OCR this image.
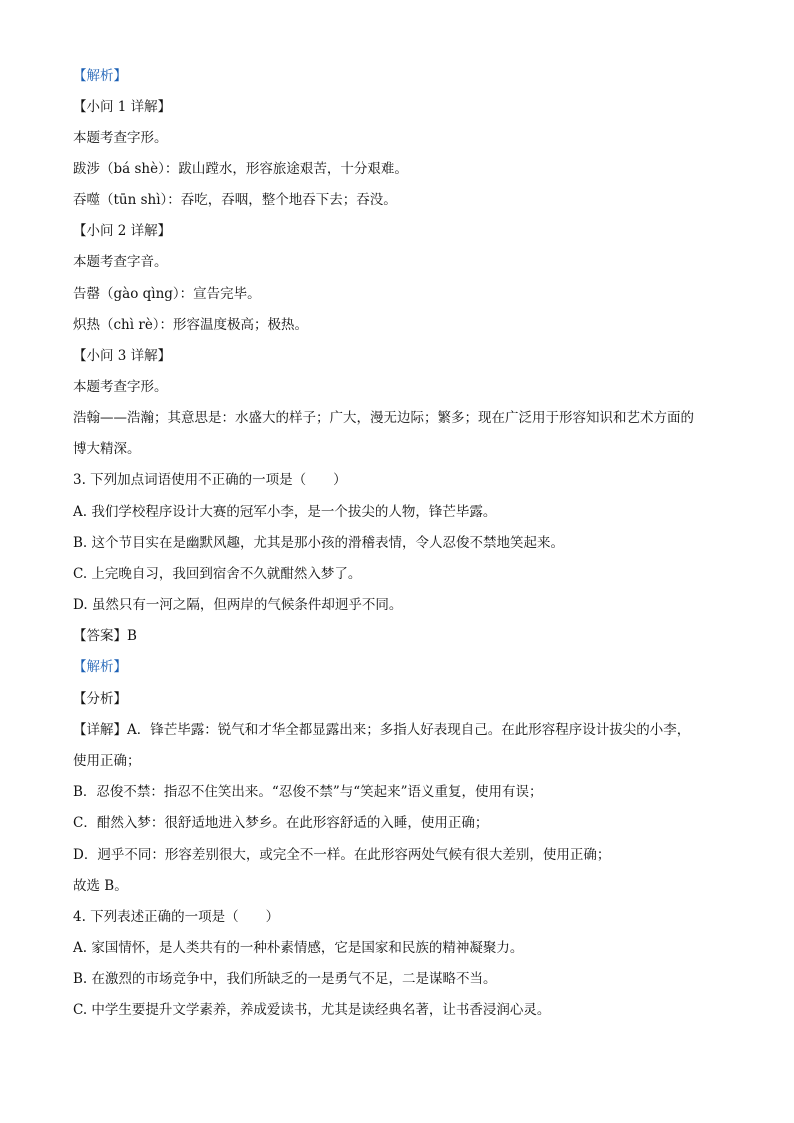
【解析】
【小问 1 详解】
本题考查字形。
跋涉（bá shè）：跋山蹚水，形容旅途艰苦，十分艰难。
吞噬（tūn shì）：吞吃，吞咽，整个地吞下去；吞没。
【小问 2 详解】
本题考查字音。
告罄（gào qìng）：宣告完毕。
炽热（chì rè）：形容温度极高；极热。
【小问 3 详解】
本题考查字形。
浩翰——浩瀚；其意思是：水盛大的样子；广大，漫无边际；繁多；现在广泛用于形容知识和艺术方面的
博大精深。
3. 下列加点词语使用不正确的一项是（　　）
A. 我们学校程序设计大赛的冠军小李，是一个拔尖的人物，锋芒毕露。
B. 这个节目实在是幽默风趣，尤其是那小孩的滑稽表情，令人忍俊不禁地笑起来。
C. 上完晚自习，我回到宿舍不久就酣然入梦了。
D. 虽然只有一河之隔，但两岸的气候条件却迥乎不同。
【答案】B
【解析】
【分析】
【详解】A．锋芒毕露：锐气和才华全都显露出来；多指人好表现自己。在此形容程序设计拔尖的小李，
使用正确；
B．忍俊不禁：指忍不住笑出来。“忍俊不禁”与“笑起来”语义重复，使用有误；
C．酣然入梦：很舒适地进入梦乡。在此形容舒适的入睡，使用正确；
D．迥乎不同：形容差别很大，或完全不一样。在此形容两处气候有很大差别，使用正确；
故选 B。
4. 下列表述正确的一项是（　　）
A. 家国情怀，是人类共有的一种朴素情感，它是国家和民族的精神凝聚力。
B. 在激烈的市场竞争中，我们所缺乏的一是勇气不足，二是谋略不当。
C. 中学生要提升文学素养，养成爱读书，尤其是读经典名著，让书香浸润心灵。
